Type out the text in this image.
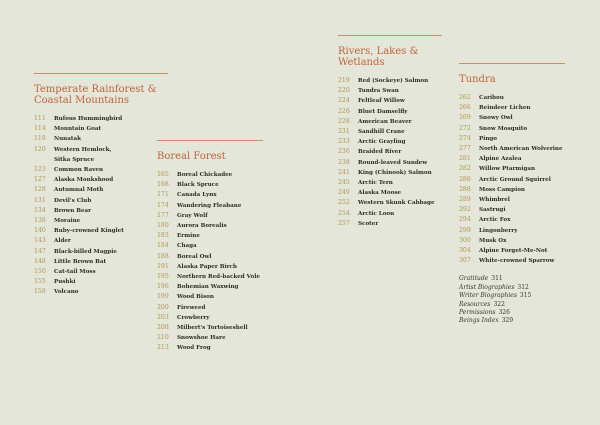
Temperate Rainforest & Coastal Mountains
111	Rufous Hummingbird
114	Mountain Goat
118	Nunatak
120	Western Hemlock,
Sitka Spruce
123	Common Raven
127	Alaska Monkshood
128	Autumnal Moth
131	Devil's Club
134	Brown Bear
138	Moraine
140	Ruby-crowned Kinglet
143	Alder
147	Black-billed Magpie
148	Little Brown Bat
150	Cat-tail Moss
155	Pushki
158	Volcano
Boreal Forest
165	Boreal Chickadee
168	Black Spruce
171	Canada Lynx
174	Wandering Fleabane
177	Gray Wolf
180	Aurora Borealis
183	Ermine
184	Chaga
188	Boreal Owl
191	Alaska Paper Birch
195	Northern Red-backed Vole
196	Bohemian Waxwing
199	Wood Bison
200	Fireweed
203	Crowberry
208	Milbert's Tortoiseshell
210	Snowshoe Hare
213	Wood Frog
Rivers, Lakes & Wetlands
219	Red (Sockeye) Salmon
220	Tundra Swan
224	Feltleaf Willow
226	Bluet Damselfly
228	American Beaver
231	Sandhill Crane
233	Arctic Grayling
236	Braided River
238	Round-leaved Sundew
241	King (Chinook) Salmon
245	Arctic Tern
249	Alaska Moose
252	Western Skunk Cabbage
254	Arctic Loon
257	Scoter
Tundra
262	Caribou
266	Reindeer Lichen
269	Snowy Owl
272	Snow Mosquito
274	Pingo
277	North American Wolverine
281	Alpine Azalea
282	Willow Ptarmigan
286	Arctic Ground Squirrel
288	Moss Campion
289	Whimbrel
292	Sastrugi
294	Arctic Fox
299	Lingonberry
300	Musk Ox
304	Alpine Forget-Me-Not
307	White-crowned Sparrow
Gratitude 311
Artist Biographies 312
Writer Biographies 315
Resources 322
Permissions 326
Beings Index 329
